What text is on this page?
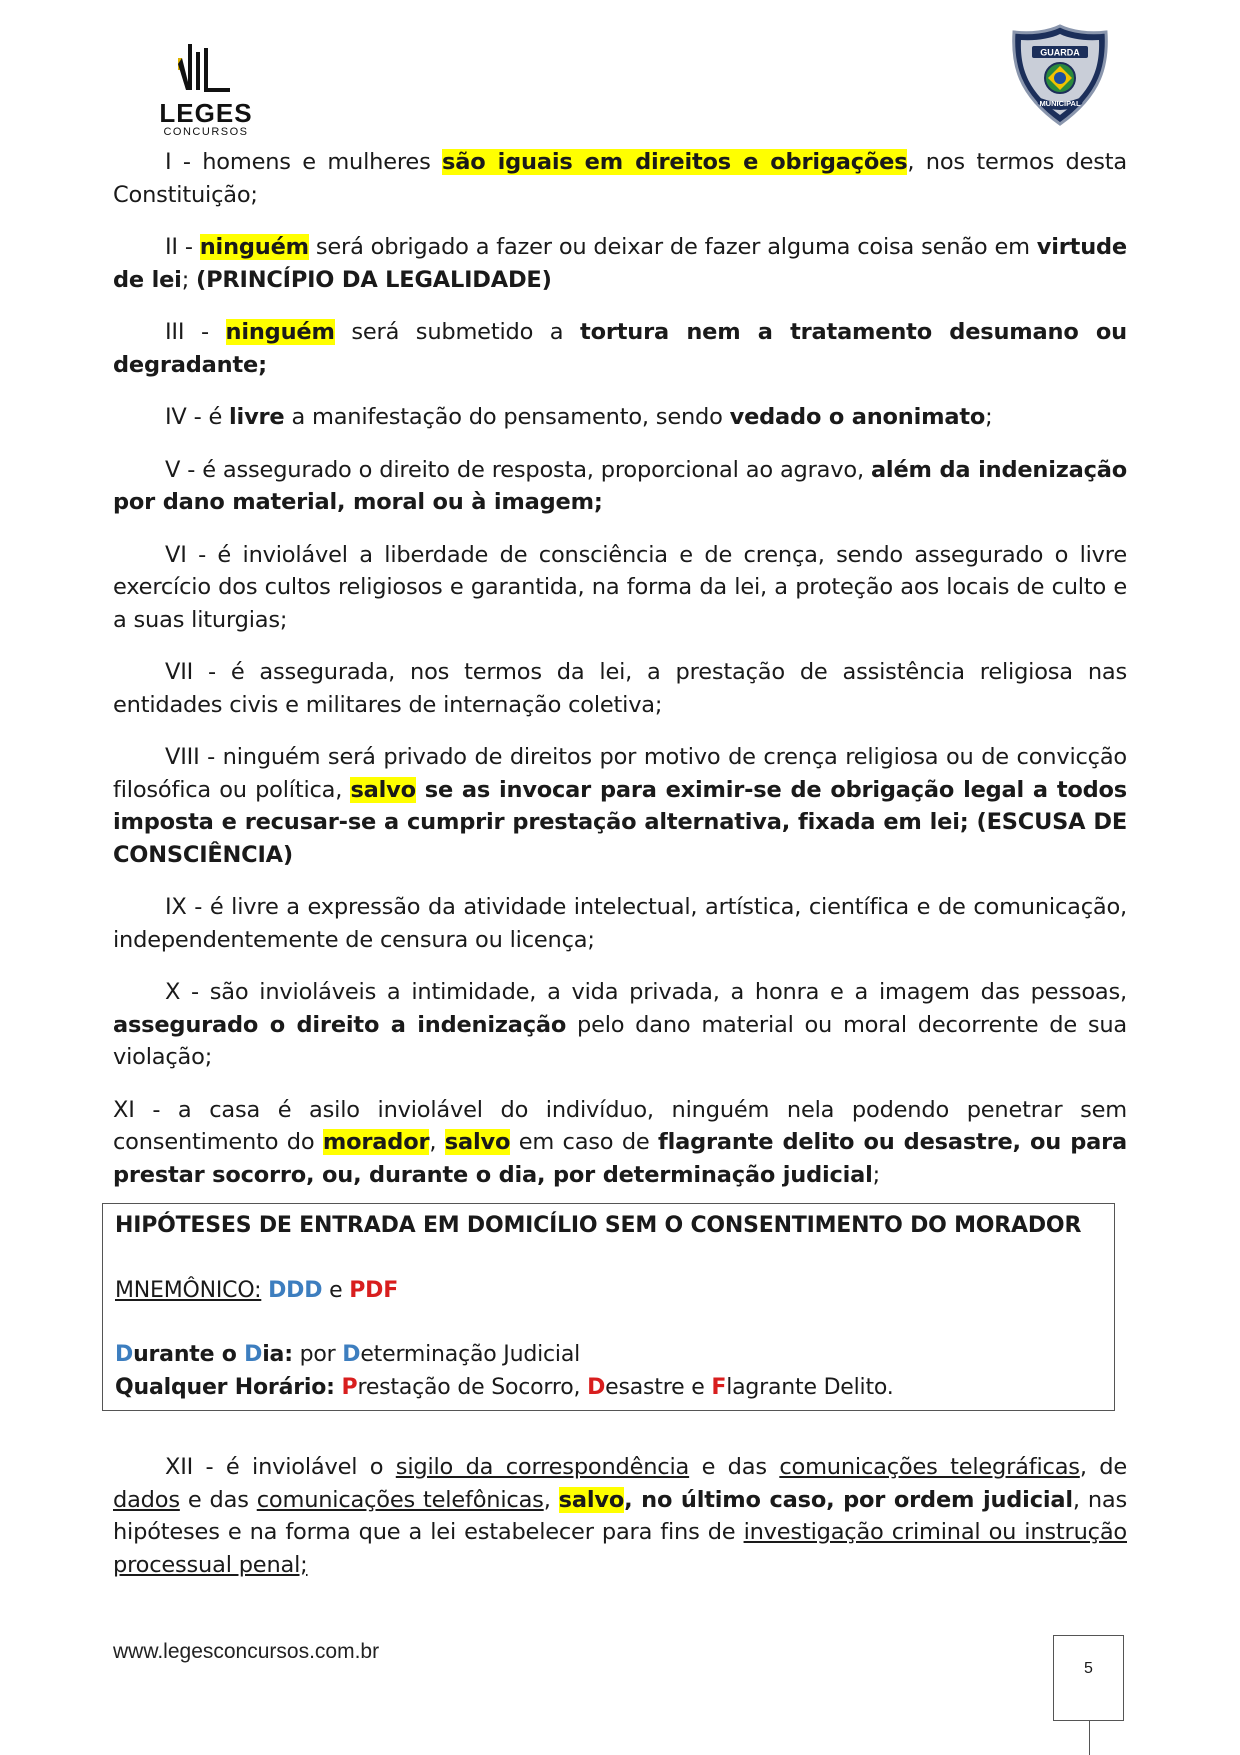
LEGES
CONCURSOS
GUARDA
MUNICIPAL

I - homens e mulheres são iguais em direitos e obrigações, nos termos desta Constituição;

II - ninguém será obrigado a fazer ou deixar de fazer alguma coisa senão em virtude de lei; (PRINCÍPIO DA LEGALIDADE)

III - ninguém será submetido a tortura nem a tratamento desumano ou degradante;

IV - é livre a manifestação do pensamento, sendo vedado o anonimato;

V - é assegurado o direito de resposta, proporcional ao agravo, além da indenização por dano material, moral ou à imagem;

VI - é inviolável a liberdade de consciência e de crença, sendo assegurado o livre exercício dos cultos religiosos e garantida, na forma da lei, a proteção aos locais de culto e a suas liturgias;

VII - é assegurada, nos termos da lei, a prestação de assistência religiosa nas entidades civis e militares de internação coletiva;

VIII - ninguém será privado de direitos por motivo de crença religiosa ou de convicção filosófica ou política, salvo se as invocar para eximir-se de obrigação legal a todos imposta e recusar-se a cumprir prestação alternativa, fixada em lei; (ESCUSA DE CONSCIÊNCIA)

IX - é livre a expressão da atividade intelectual, artística, científica e de comunicação, independentemente de censura ou licença;

X - são invioláveis a intimidade, a vida privada, a honra e a imagem das pessoas, assegurado o direito a indenização pelo dano material ou moral decorrente de sua violação;

XI - a casa é asilo inviolável do indivíduo, ninguém nela podendo penetrar sem consentimento do morador, salvo em caso de flagrante delito ou desastre, ou para prestar socorro, ou, durante o dia, por determinação judicial;

HIPÓTESES DE ENTRADA EM DOMICÍLIO SEM O CONSENTIMENTO DO MORADOR

MNEMÔNICO: DDD e PDF

Durante o Dia: por Determinação Judicial

Qualquer Horário: Prestação de Socorro, Desastre e Flagrante Delito.

XII - é inviolável o sigilo da correspondência e das comunicações telegráficas, de dados e das comunicações telefônicas, salvo, no último caso, por ordem judicial, nas hipóteses e na forma que a lei estabelecer para fins de investigação criminal ou instrução processual penal;

www.legesconcursos.com.br
5
